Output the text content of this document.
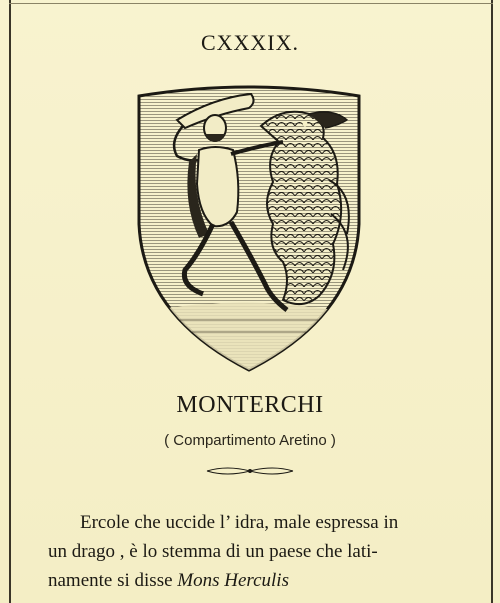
CXXXIX.
MONTERCHI
( Compartimento Aretino )
Ercole che uccide l’ idra, male espressa in
un drago , è lo stemma di un paese che lati-
namente si disse Mons Herculis
